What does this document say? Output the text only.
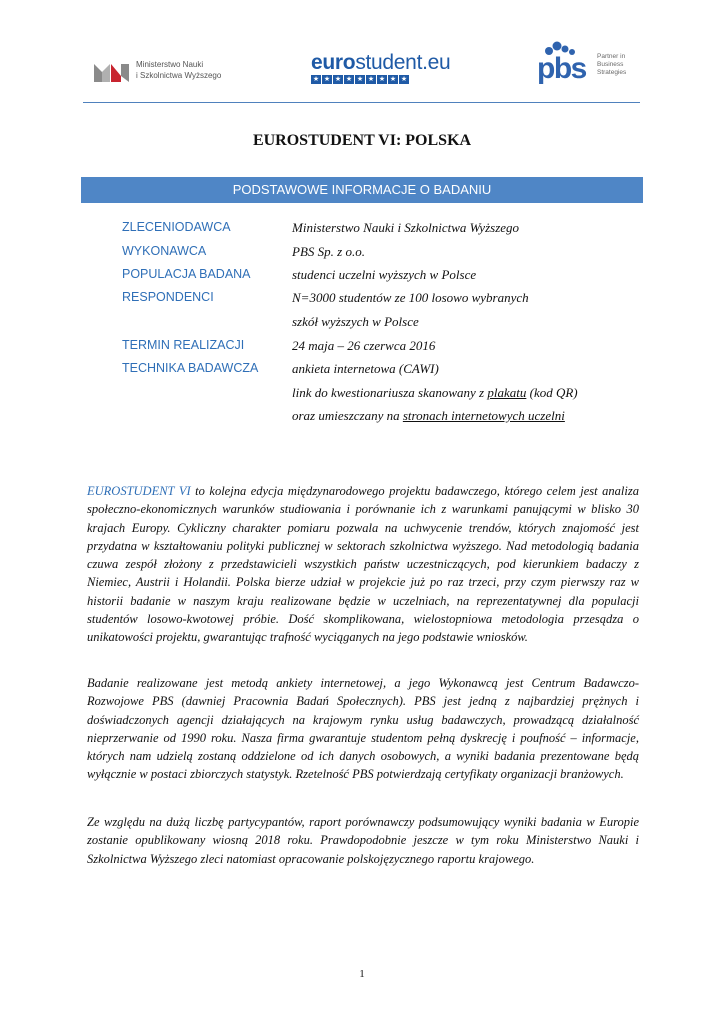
Ministerstwo Nauki
i Szkolnictwa Wyższego
eurostudent.eu
★ ★ ★ ★ ★ ★ ★ ★ ★	pbs Partner in
Business
Strategies
EUROSTUDENT VI: POLSKA
PODSTAWOWE INFORMACJE O BADANIU
ZLECENIODAWCA	Ministerstwo Nauki i Szkolnictwa Wyższego
WYKONAWCA	PBS Sp. z o.o.
POPULACJA BADANA	studenci uczelni wyższych w Polsce
RESPONDENCI	N=3000 studentów ze 100 losowo wybranych
szkół wyższych w Polsce
TERMIN REALIZACJI	24 maja – 26 czerwca 2016
TECHNIKA BADAWCZA	ankieta internetowa (CAWI)
link do kwestionariusza skanowany z plakatu (kod QR)
oraz umieszczany na stronach internetowych uczelni
EUROSTUDENT VI to kolejna edycja międzynarodowego projektu badawczego, którego celem jest analiza społeczno-ekonomicznych warunków studiowania i porównanie ich z warunkami panującymi w blisko 30 krajach Europy. Cykliczny charakter pomiaru pozwala na uchwycenie trendów, których znajomość jest przydatna w kształtowaniu polityki publicznej w sektorach szkolnictwa wyższego. Nad metodologią badania czuwa zespół złożony z przedstawicieli wszystkich państw uczestniczących, pod kierunkiem badaczy z Niemiec, Austrii i Holandii. Polska bierze udział w projekcie już po raz trzeci, przy czym pierwszy raz w historii badanie w naszym kraju realizowane będzie w uczelniach, na reprezentatywnej dla populacji studentów losowo-kwotowej próbie. Dość skomplikowana, wielostopniowa metodologia przesądza o unikatowości projektu, gwarantując trafność wyciąganych na jego podstawie wniosków.
Badanie realizowane jest metodą ankiety internetowej, a jego Wykonawcą jest Centrum Badawczo-Rozwojowe PBS (dawniej Pracownia Badań Społecznych). PBS jest jedną z najbardziej prężnych i doświadczonych agencji działających na krajowym rynku usług badawczych, prowadzącą działalność nieprzerwanie od 1990 roku. Nasza firma gwarantuje studentom pełną dyskrecję i poufność – informacje, których nam udzielą zostaną oddzielone od ich danych osobowych, a wyniki badania prezentowane będą wyłącznie w postaci zbiorczych statystyk. Rzetelność PBS potwierdzają certyfikaty organizacji branżowych.
Ze względu na dużą liczbę partycypantów, raport porównawczy podsumowujący wyniki badania w Europie zostanie opublikowany wiosną 2018 roku. Prawdopodobnie jeszcze w tym roku Ministerstwo Nauki i Szkolnictwa Wyższego zleci natomiast opracowanie polskojęzycznego raportu krajowego.
1
